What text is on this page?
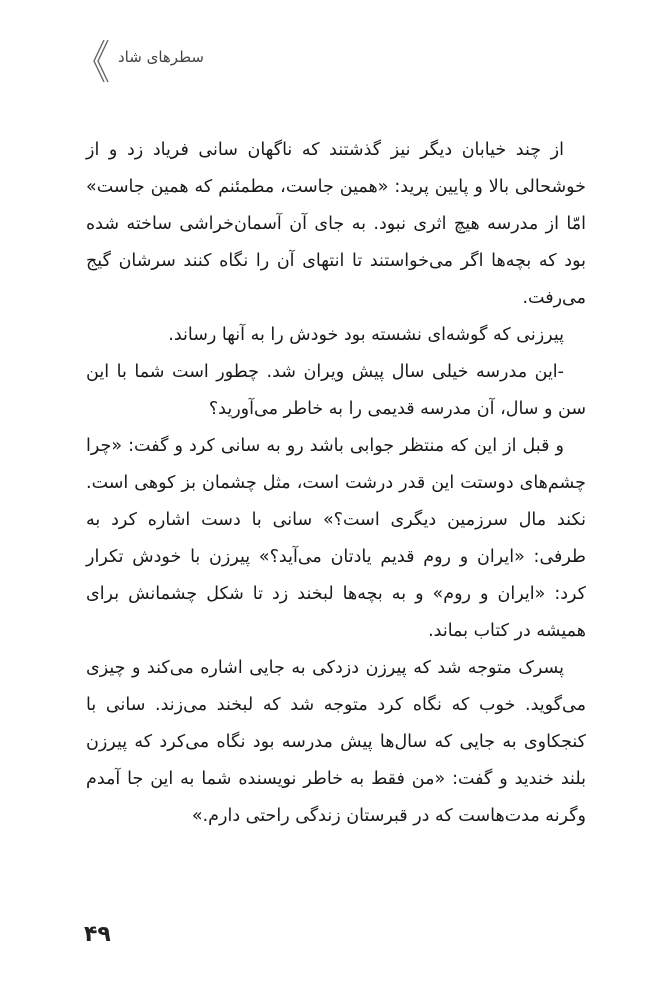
سطرهای شاد

از چند خیابان دیگر نیز گذشتند که ناگهان سانی فریاد زد و از خوشحالی بالا و پایین پرید: «همین جاست، مطمئنم که همین جاست» امّا از مدرسه هیچ اثری نبود. به جای آن آسمان‌خراشی ساخته شده بود که بچه‌ها اگر می‌خواستند تا انتهای آن را نگاه کنند سرشان گیج می‌رفت.

پیرزنی که گوشه‌ای نشسته بود خودش را به آنها رساند.

-این مدرسه خیلی سال پیش ویران شد. چطور است شما با این سن و سال، آن مدرسه قدیمی را به خاطر می‌آورید؟

و قبل از این که منتظر جوابی باشد رو به سانی کرد و گفت: «چرا چشم‌های دوستت این قدر درشت است، مثل چشمان بز کوهی است. نکند مال سرزمین دیگری است؟» سانی با دست اشاره کرد به طرفی: «ایران و روم قدیم یادتان می‌آید؟» پیرزن با خودش تکرار کرد: «ایران و روم» و به بچه‌ها لبخند زد تا شکل چشمانش برای همیشه در کتاب بماند.

پسرک متوجه شد که پیرزن دزدکی به جایی اشاره می‌کند و چیزی می‌گوید. خوب که نگاه کرد متوجه شد که لبخند می‌زند. سانی با کنجکاوی به جایی که سال‌ها پیش مدرسه بود نگاه می‌کرد که پیرزن بلند خندید و گفت: «من فقط به خاطر نویسنده شما به این جا آمدم وگرنه مدت‌هاست که در قبرستان زندگی راحتی دارم.»

۴۹
